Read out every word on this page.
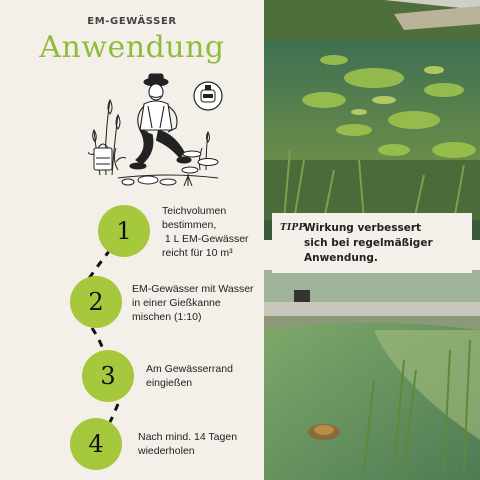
EM-GEWÄSSER
Anwendung
1
Teichvolumen
bestimmen,
1 L EM-Gewässer
reicht für 10 m³
2	EM-Gewässer mit Wasser
in einer Gießkanne
mischen (1:10)
3	Am Gewässerrand
eingießen
4	Nach mind. 14 Tagen
wiederholen
TIPP
Wirkung verbessert
sich bei regelmäßiger
Anwendung.
